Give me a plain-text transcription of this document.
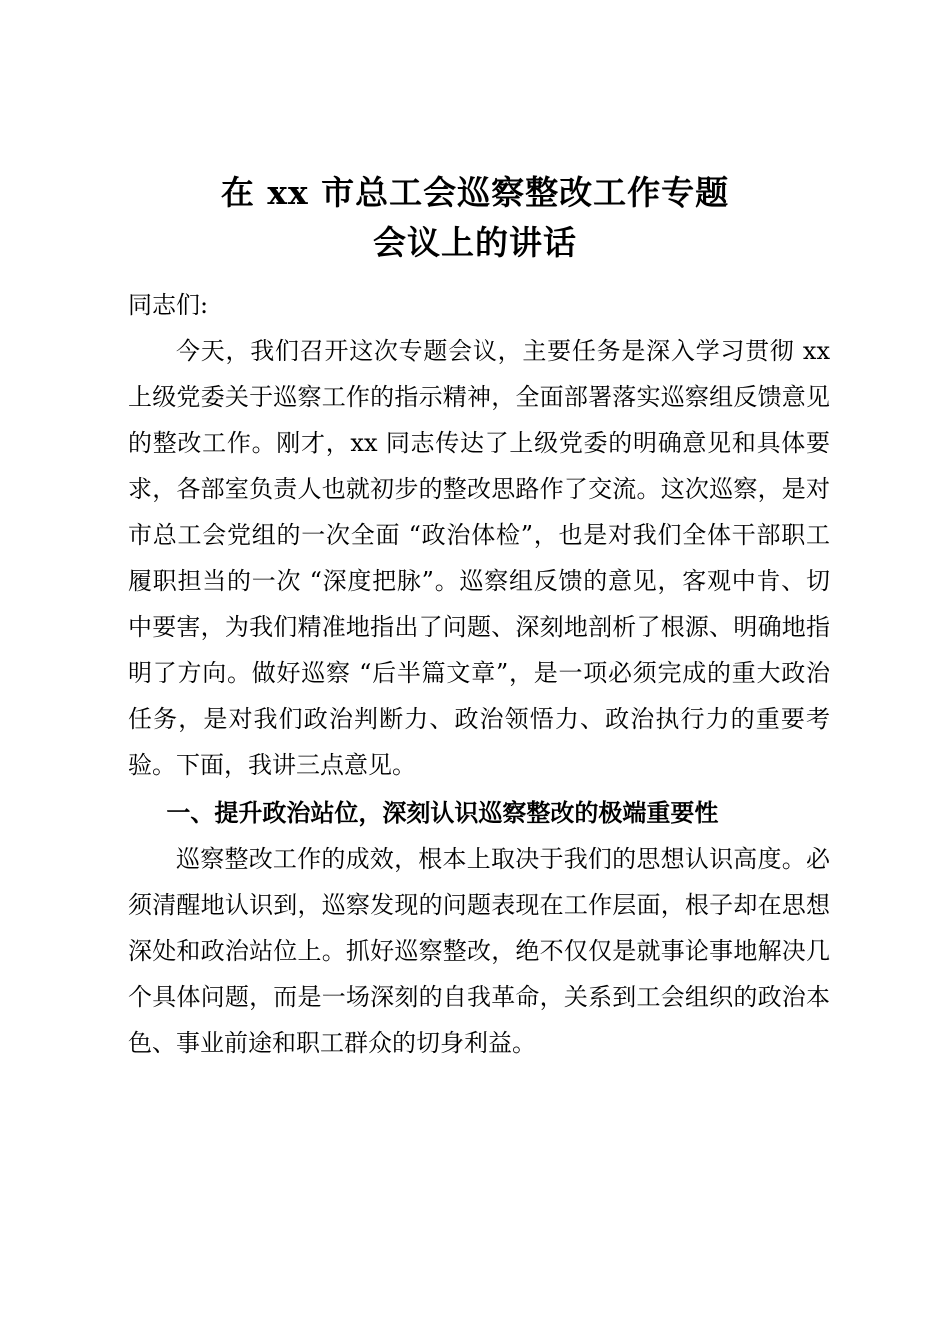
在 xx 市总工会巡察整改工作专题
会议上的讲话

同志们:

今天，我们召开这次专题会议，主要任务是深入学习贯彻 xx 上级党委关于巡察工作的指示精神，全面部署落实巡察组反馈意见的整改工作。刚才，xx 同志传达了上级党委的明确意见和具体要求，各部室负责人也就初步的整改思路作了交流。这次巡察，是对市总工会党组的一次全面 “政治体检”，也是对我们全体干部职工履职担当的一次 “深度把脉”。巡察组反馈的意见，客观中肯、切中要害，为我们精准地指出了问题、深刻地剖析了根源、明确地指明了方向。做好巡察 “后半篇文章”，是一项必须完成的重大政治任务，是对我们政治判断力、政治领悟力、政治执行力的重要考验。下面，我讲三点意见。

一、提升政治站位，深刻认识巡察整改的极端重要性

巡察整改工作的成效，根本上取决于我们的思想认识高度。必须清醒地认识到，巡察发现的问题表现在工作层面，根子却在思想深处和政治站位上。抓好巡察整改，绝不仅仅是就事论事地解决几个具体问题，而是一场深刻的自我革命，关系到工会组织的政治本色、事业前途和职工群众的切身利益。
